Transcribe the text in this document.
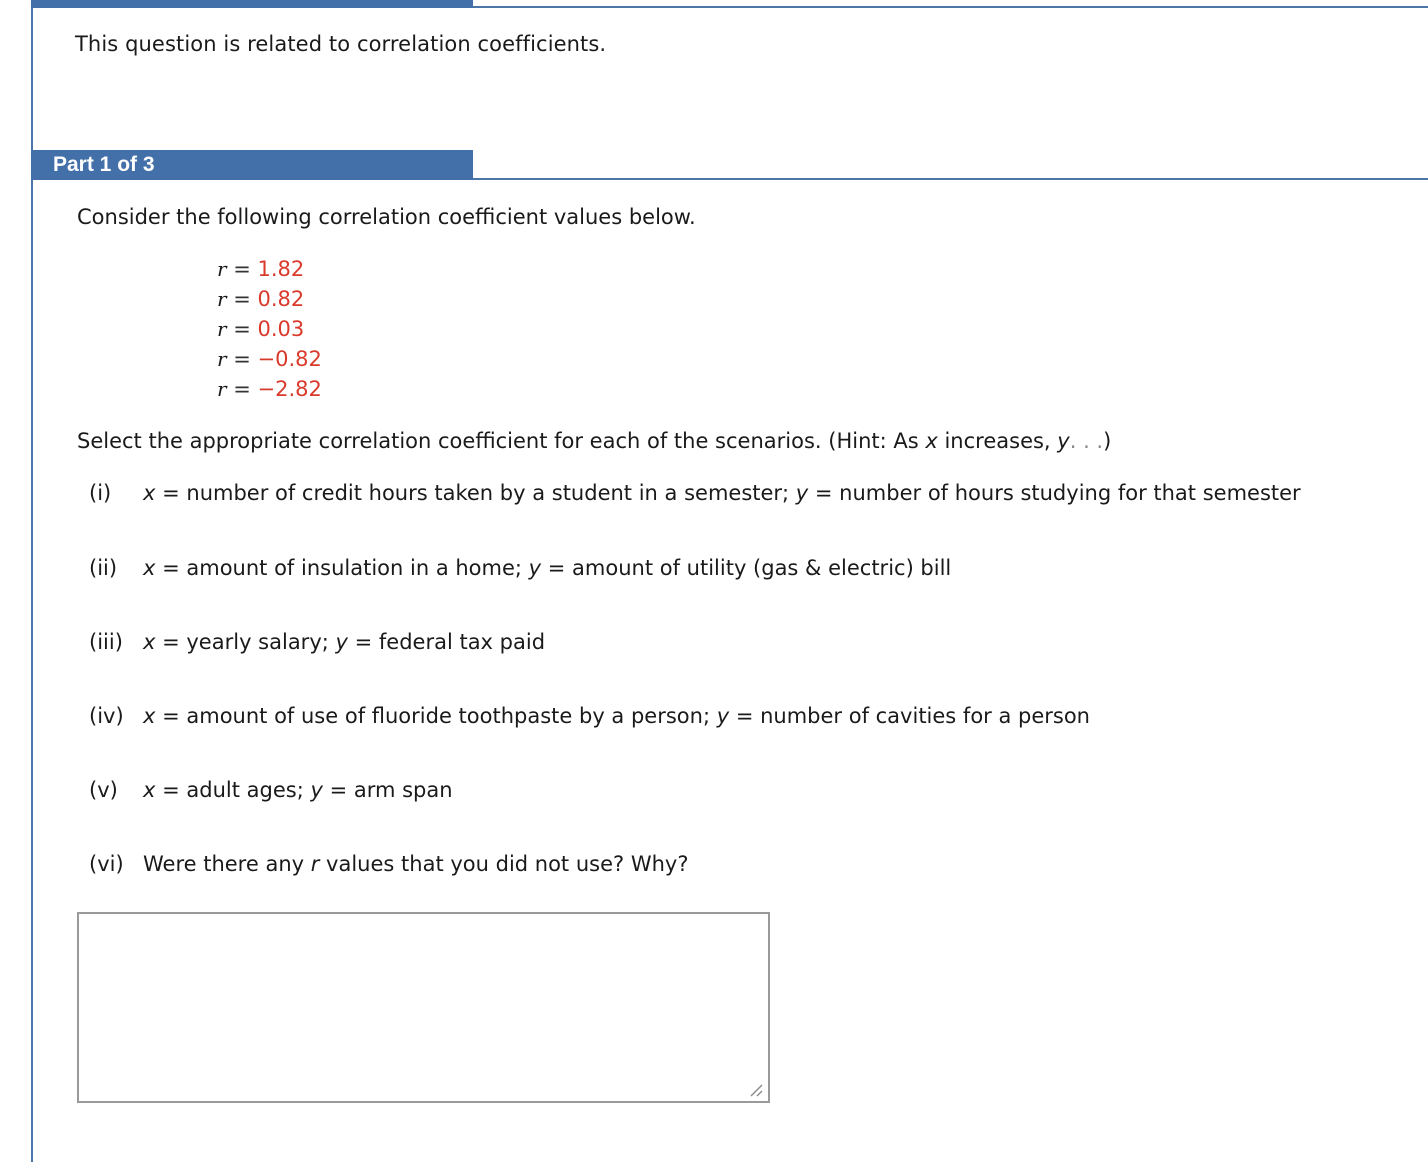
This question is related to correlation coefficients.
Part 1 of 3
Consider the following correlation coefficient values below.
r = 1.82
r = 0.82
r = 0.03
r = −0.82
r = −2.82
Select the appropriate correlation coefficient for each of the scenarios. (Hint: As x increases, y. . .)
(i) x = number of credit hours taken by a student in a semester; y = number of hours studying for that semester
(ii) x = amount of insulation in a home; y = amount of utility (gas & electric) bill
(iii) x = yearly salary; y = federal tax paid
(iv) x = amount of use of fluoride toothpaste by a person; y = number of cavities for a person
(v) x = adult ages; y = arm span
(vi) Were there any r values that you did not use? Why?
